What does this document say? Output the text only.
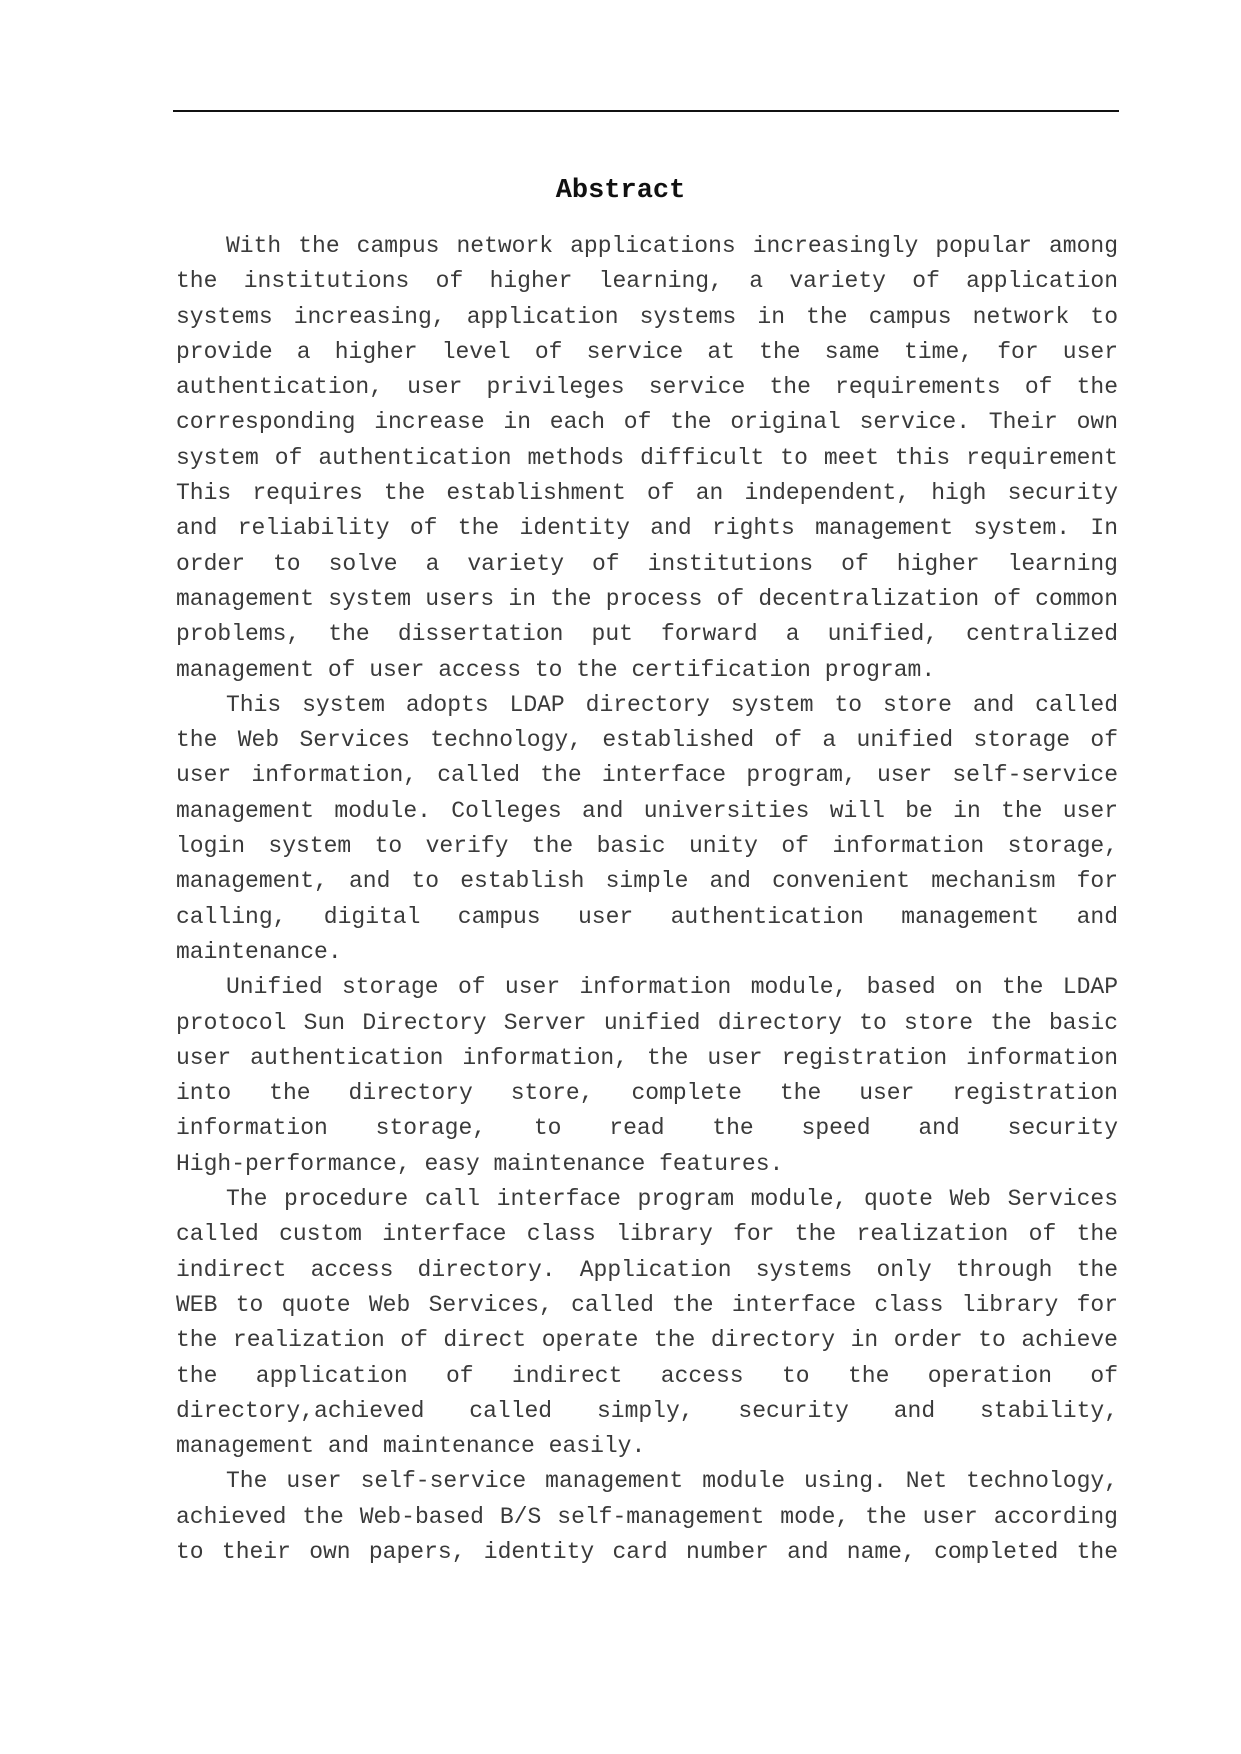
Abstract
With the campus network applications increasingly popular among
the institutions of higher learning, a variety of application
systems increasing, application systems in the campus network to
provide a higher level of service at the same time, for user
authentication, user privileges service the requirements of the
corresponding increase in each of the original service. Their own
system of authentication methods difficult to meet this requirement
This requires the establishment of an independent, high security
and reliability of the identity and rights management system. In
order to solve a variety of institutions of higher learning
management system users in the process of decentralization of common
problems, the dissertation put forward a unified, centralized
management of user access to the certification program.
This system adopts LDAP directory system to store and called
the Web Services technology, established of a unified storage of
user information, called the interface program, user self-service
management module. Colleges and universities will be in the user
login system to verify the basic unity of information storage,
management, and to establish simple and convenient mechanism for
calling, digital campus user authentication management and
maintenance.
Unified storage of user information module, based on the LDAP
protocol Sun Directory Server unified directory to store the basic
user authentication information, the user registration information
into the directory store, complete the user registration
information storage, to read the speed and security
High-performance, easy maintenance features.
The procedure call interface program module, quote Web Services
called custom interface class library for the realization of the
indirect access directory. Application systems only through the
WEB to quote Web Services, called the interface class library for
the realization of direct operate the directory in order to achieve
the application of indirect access to the operation of
directory,achieved called simply, security and stability,
management and maintenance easily.
The user self-service management module using. Net technology,
achieved the Web-based B/S self-management mode, the user according
to their own papers, identity card number and name, completed the
